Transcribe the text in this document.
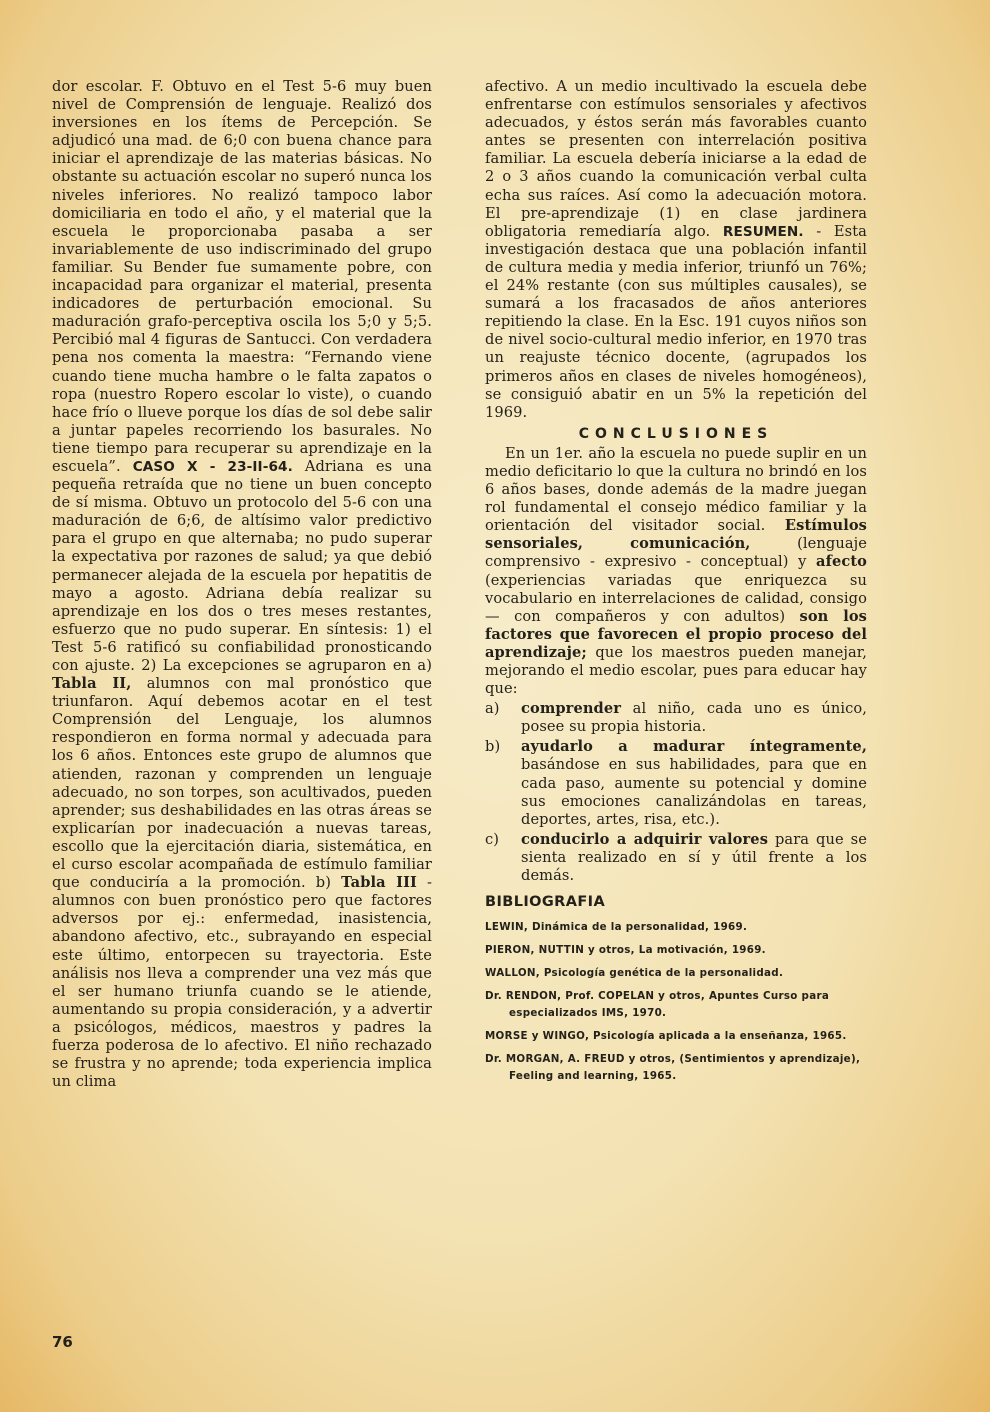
dor escolar. F. Obtuvo en el Test 5-6 muy buen nivel de Comprensión de lenguaje. Realizó dos inversiones en los ítems de Percepción. Se adjudicó una mad. de 6;0 con buena chance para iniciar el aprendizaje de las materias básicas. No obstante su actuación escolar no superó nunca los niveles inferiores. No realizó tampoco labor domiciliaria en todo el año, y el material que la escuela le proporcionaba pasaba a ser invariablemente de uso indiscriminado del grupo familiar. Su Bender fue sumamente pobre, con incapacidad para organizar el material, presenta indicadores de perturbación emocional. Su maduración grafo-perceptiva oscila los 5;0 y 5;5. Percibió mal 4 figuras de Santucci. Con verdadera pena nos comenta la maestra: “Fernando viene cuando tiene mucha hambre o le falta zapatos o ropa (nuestro Ropero escolar lo viste), o cuando hace frío o llueve porque los días de sol debe salir a juntar papeles recorriendo los basurales. No tiene tiempo para recuperar su aprendizaje en la escuela”. CASO X - 23-II-64. Adriana es una pequeña retraída que no tiene un buen concepto de sí misma. Obtuvo un protocolo del 5-6 con una maduración de 6;6, de altísimo valor predictivo para el grupo en que alternaba; no pudo superar la expectativa por razones de salud; ya que debió permanecer alejada de la escuela por hepatitis de mayo a agosto. Adriana debía realizar su aprendizaje en los dos o tres meses restantes, esfuerzo que no pudo superar. En síntesis: 1) el Test 5-6 ratificó su confiabilidad pronosticando con ajuste. 2) La excepciones se agruparon en a) Tabla II, alumnos con mal pronóstico que triunfaron. Aquí debemos acotar en el test Comprensión del Lenguaje, los alumnos respondieron en forma normal y adecuada para los 6 años. Entonces este grupo de alumnos que atienden, razonan y comprenden un lenguaje adecuado, no son torpes, son acultivados, pueden aprender; sus deshabilidades en las otras áreas se explicarían por inadecuación a nuevas tareas, escollo que la ejercitación diaria, sistemática, en el curso escolar acompañada de estímulo familiar que conduciría a la promoción. b) Tabla III - alumnos con buen pronóstico pero que factores adversos por ej.: enfermedad, inasistencia, abandono afectivo, etc., subrayando en especial este último, entorpecen su trayectoria. Este análisis nos lleva a comprender una vez más que el ser humano triunfa cuando se le atiende, aumentando su propia consideración, y a advertir a psicólogos, médicos, maestros y padres la fuerza poderosa de lo afectivo. El niño rechazado se frustra y no aprende; toda experiencia implica un clima

afectivo. A un medio incultivado la escuela debe enfrentarse con estímulos sensoriales y afectivos adecuados, y éstos serán más favorables cuanto antes se presenten con interrelación positiva familiar. La escuela debería iniciarse a la edad de 2 o 3 años cuando la comunicación verbal culta echa sus raíces. Así como la adecuación motora. El pre-aprendizaje (1) en clase jardinera obligatoria remediaría algo. RESUMEN. - Esta investigación destaca que una población infantil de cultura media y media inferior, triunfó un 76%; el 24% restante (con sus múltiples causales), se sumará a los fracasados de años anteriores repitiendo la clase. En la Esc. 191 cuyos niños son de nivel socio-cultural medio inferior, en 1970 tras un reajuste técnico docente, (agrupados los primeros años en clases de niveles homogéneos), se consiguió abatir en un 5% la repetición del 1969.

CONCLUSIONES

En un 1er. año la escuela no puede suplir en un medio deficitario lo que la cultura no brindó en los 6 años bases, donde además de la madre juegan rol fundamental el consejo médico familiar y la orientación del visitador social. Estímulos sensoriales, comunicación,	(lenguaje comprensivo - expresivo - conceptual) y afecto (experiencias variadas que enriquezca su vocabulario en interrelaciones de calidad, consigo — con compañeros y con adultos) son los factores que favorecen el propio proceso del aprendizaje; que los maestros pueden manejar, mejorando el medio escolar, pues para educar hay que:

a)	comprender al niño, cada uno es único, posee su propia historia.
b)	ayudarlo a madurar íntegramente, basándose en sus habilidades, para que en cada paso, aumente su potencial y domine sus emociones canalizándolas en tareas, deportes, artes, risa, etc.).
c)	conducirlo a adquirir valores para que se sienta realizado en sí y útil frente a los demás.
BIBLIOGRAFIA
LEWIN, Dinámica de la personalidad, 1969.
PIERON, NUTTIN y otros, La motivación, 1969.
WALLON, Psicología genética de la personalidad.
Dr. RENDON, Prof. COPELAN y otros, Apuntes Curso para especializados IMS, 1970.
MORSE y WINGO, Psicología aplicada a la enseñanza, 1965.
Dr. MORGAN, A. FREUD y otros, (Sentimientos y aprendizaje), Feeling and learning, 1965.
76
